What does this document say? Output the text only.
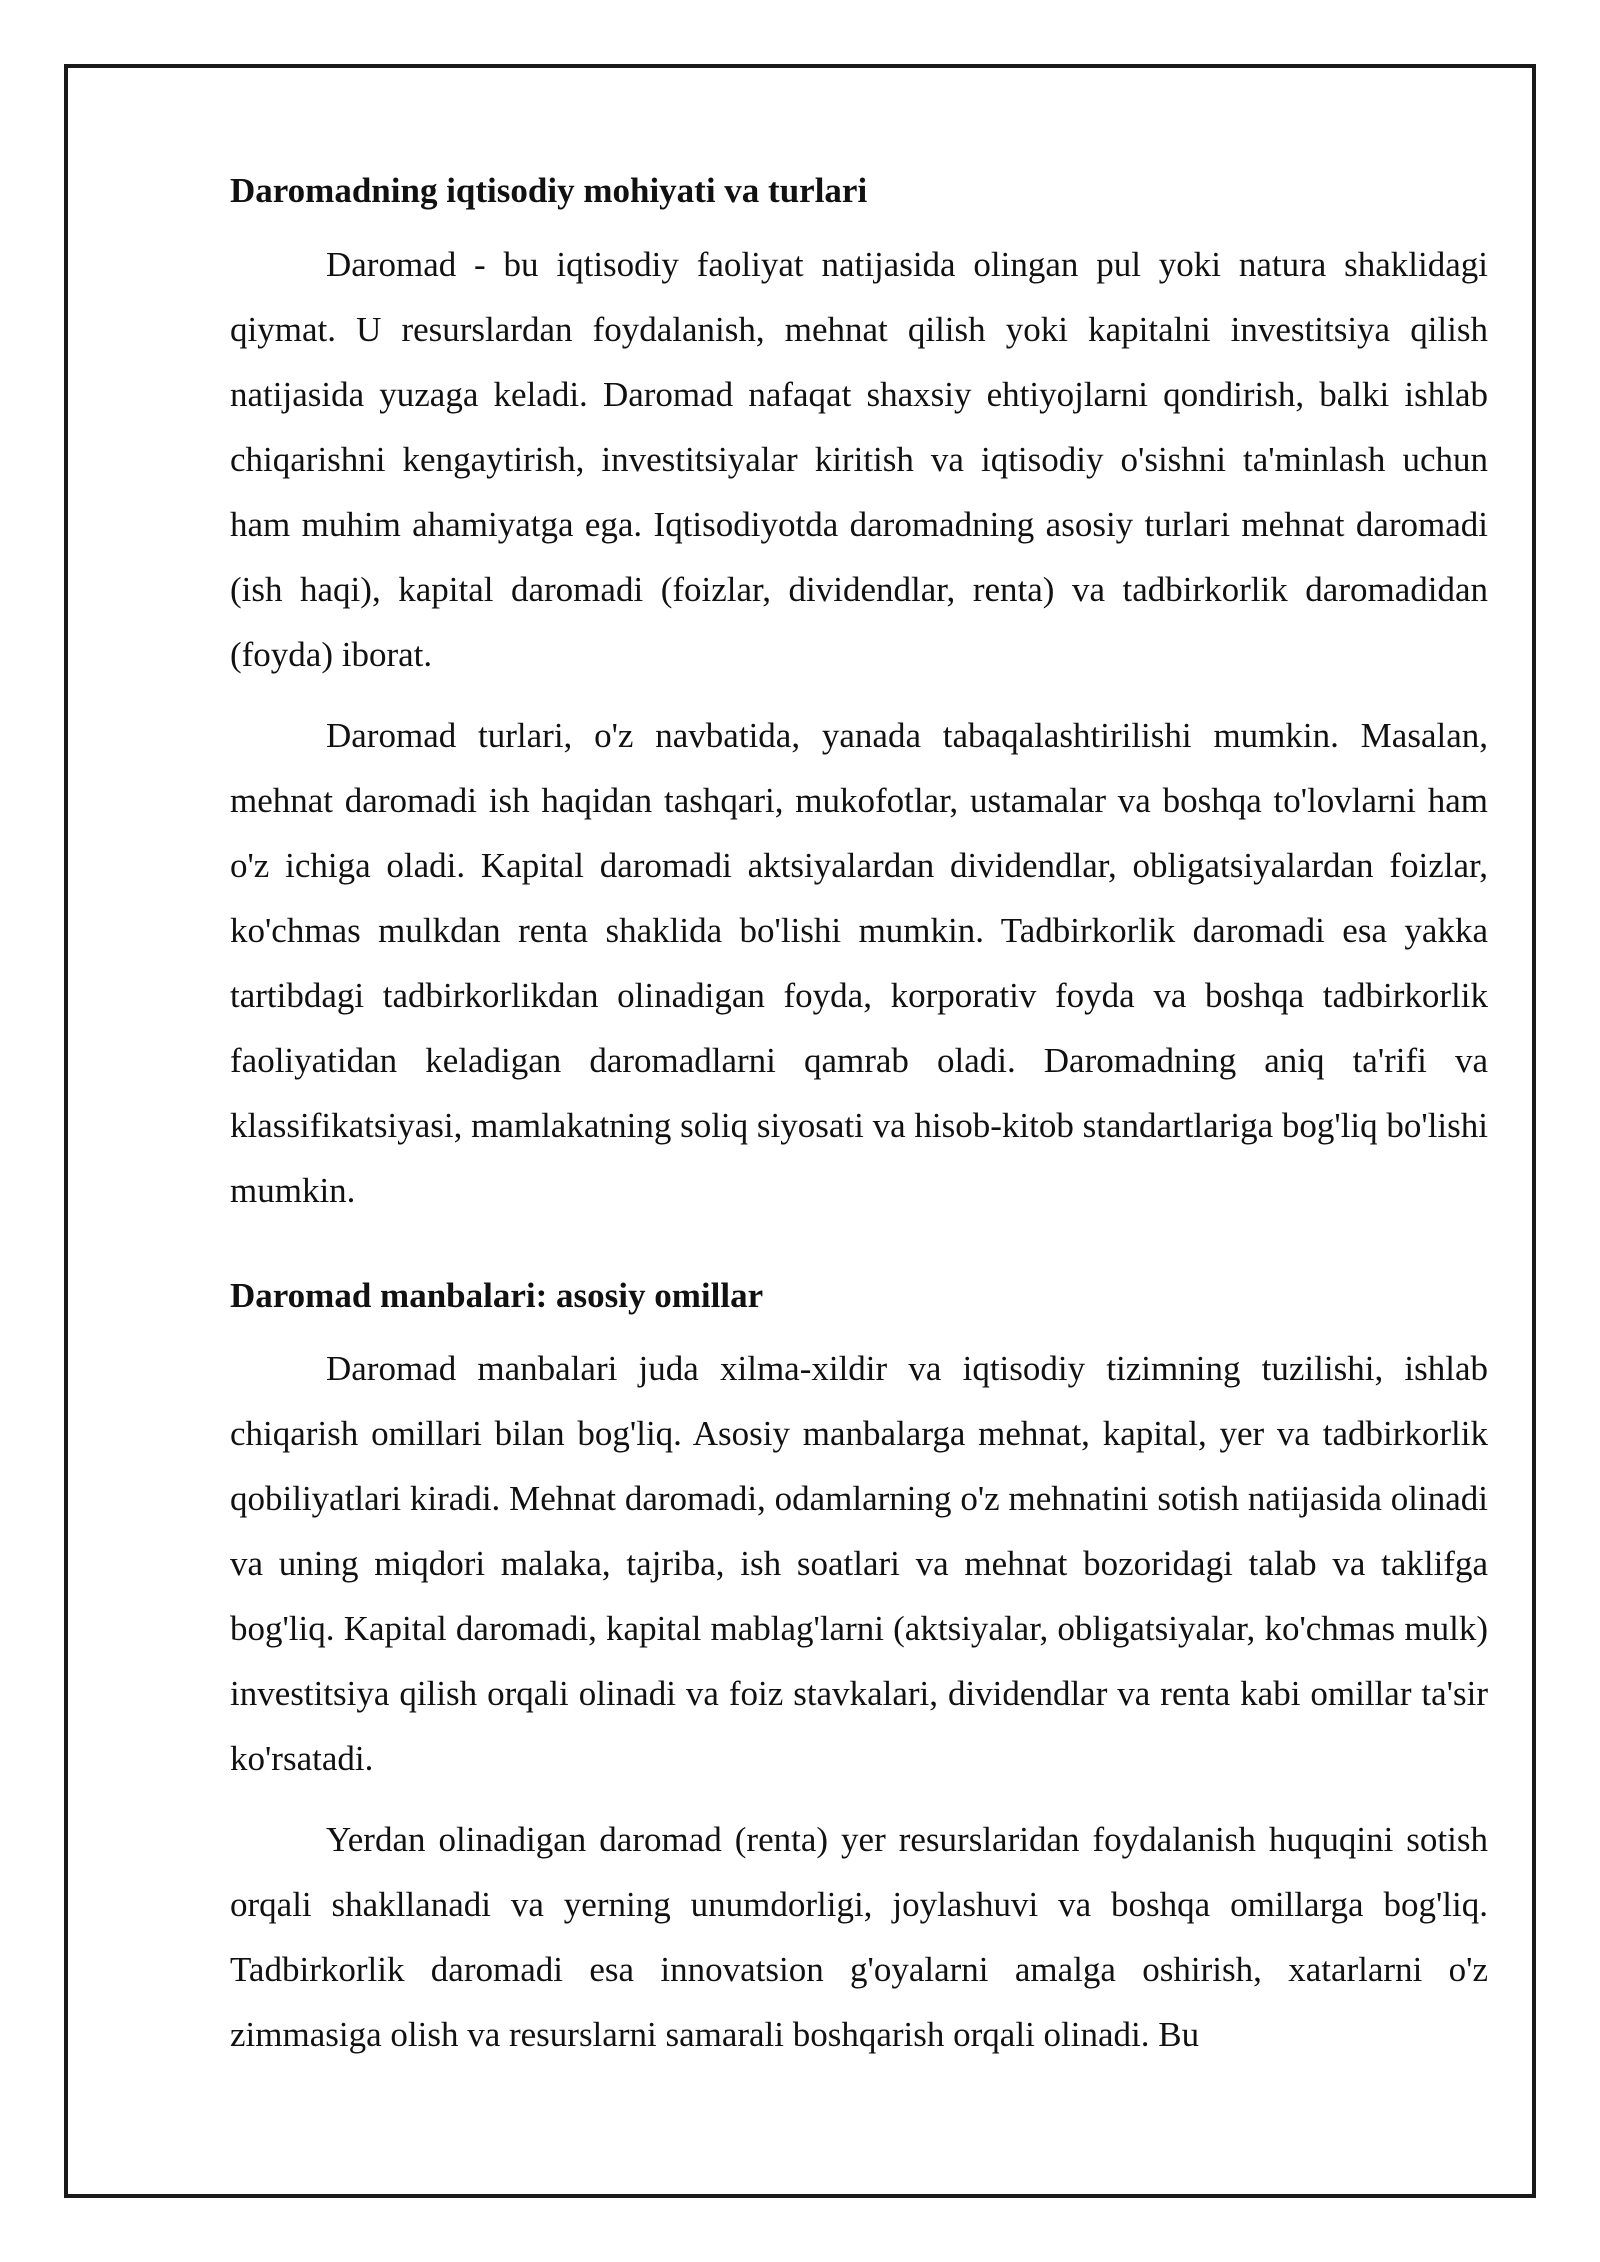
Daromadning iqtisodiy mohiyati va turlari

Daromad - bu iqtisodiy faoliyat natijasida olingan pul yoki natura shaklidagi qiymat. U resurslardan foydalanish, mehnat qilish yoki kapitalni investitsiya qilish natijasida yuzaga keladi. Daromad nafaqat shaxsiy ehtiyojlarni qondirish, balki ishlab chiqarishni kengaytirish, investitsiyalar kiritish va iqtisodiy o'sishni ta'minlash uchun ham muhim ahamiyatga ega. Iqtisodiyotda daromadning asosiy turlari mehnat daromadi (ish haqi), kapital daromadi (foizlar, dividendlar, renta) va tadbirkorlik daromadidan (foyda) iborat.

Daromad turlari, o'z navbatida, yanada tabaqalashtirilishi mumkin. Masalan, mehnat daromadi ish haqidan tashqari, mukofotlar, ustamalar va boshqa to'lovlarni ham o'z ichiga oladi. Kapital daromadi aktsiyalardan dividendlar, obligatsiyalardan foizlar, ko'chmas mulkdan renta shaklida bo'lishi mumkin. Tadbirkorlik daromadi esa yakka tartibdagi tadbirkorlikdan olinadigan foyda, korporativ foyda va boshqa tadbirkorlik faoliyatidan keladigan daromadlarni qamrab oladi. Daromadning aniq ta'rifi va klassifikatsiyasi, mamlakatning soliq siyosati va hisob-kitob standartlariga bog'liq bo'lishi mumkin.

Daromad manbalari: asosiy omillar

Daromad manbalari juda xilma-xildir va iqtisodiy tizimning tuzilishi, ishlab chiqarish omillari bilan bog'liq. Asosiy manbalarga mehnat, kapital, yer va tadbirkorlik qobiliyatlari kiradi. Mehnat daromadi, odamlarning o'z mehnatini sotish natijasida olinadi va uning miqdori malaka, tajriba, ish soatlari va mehnat bozoridagi talab va taklifga bog'liq. Kapital daromadi, kapital mablag'larni (aktsiyalar, obligatsiyalar, ko'chmas mulk) investitsiya qilish orqali olinadi va foiz stavkalari, dividendlar va renta kabi omillar ta'sir ko'rsatadi.

Yerdan olinadigan daromad (renta) yer resurslaridan foydalanish huquqini sotish orqali shakllanadi va yerning unumdorligi, joylashuvi va boshqa omillarga bog'liq. Tadbirkorlik daromadi esa innovatsion g'oyalarni amalga oshirish, xatarlarni o'z zimmasiga olish va resurslarni samarali boshqarish orqali olinadi. Bu
